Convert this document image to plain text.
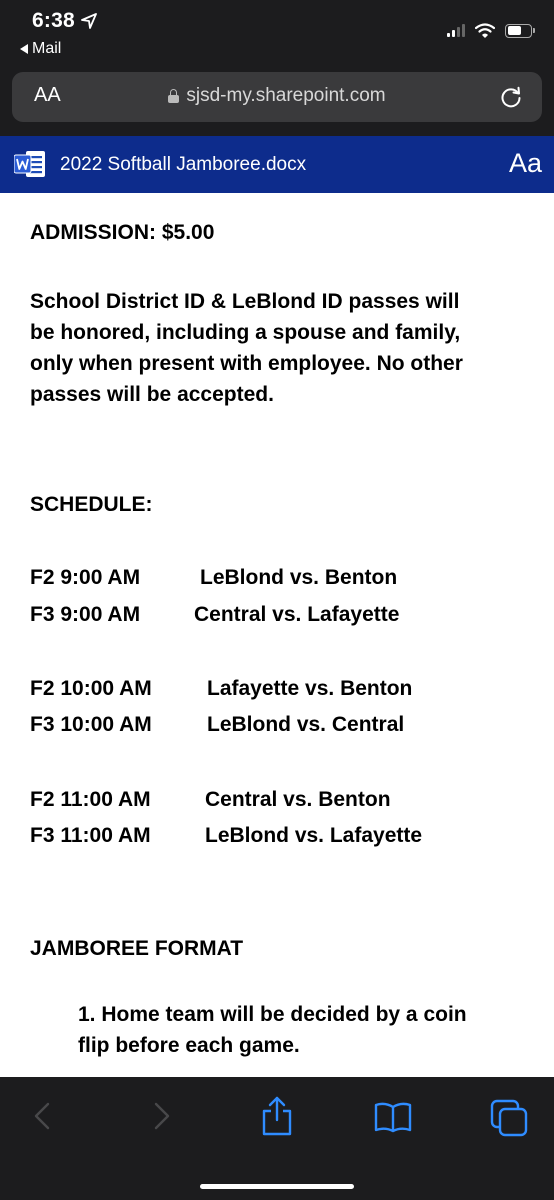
6:38
Mail
AA	sjsd-my.sharepoint.com
2022 Softball Jamboree.docx	Aa
ADMISSION: $5.00
School District ID & LeBlond ID passes will
be honored, including a spouse and family,
only when present with employee. No other
passes will be accepted.
SCHEDULE:
F2 9:00 AM	LeBlond vs. Benton
F3 9:00 AM	Central vs. Lafayette
F2 10:00 AM	Lafayette vs. Benton
F3 10:00 AM	LeBlond vs. Central
F2 11:00 AM	Central vs. Benton
F3 11:00 AM	LeBlond vs. Lafayette
JAMBOREE FORMAT
1. Home team will be decided by a coin
flip before each game.
